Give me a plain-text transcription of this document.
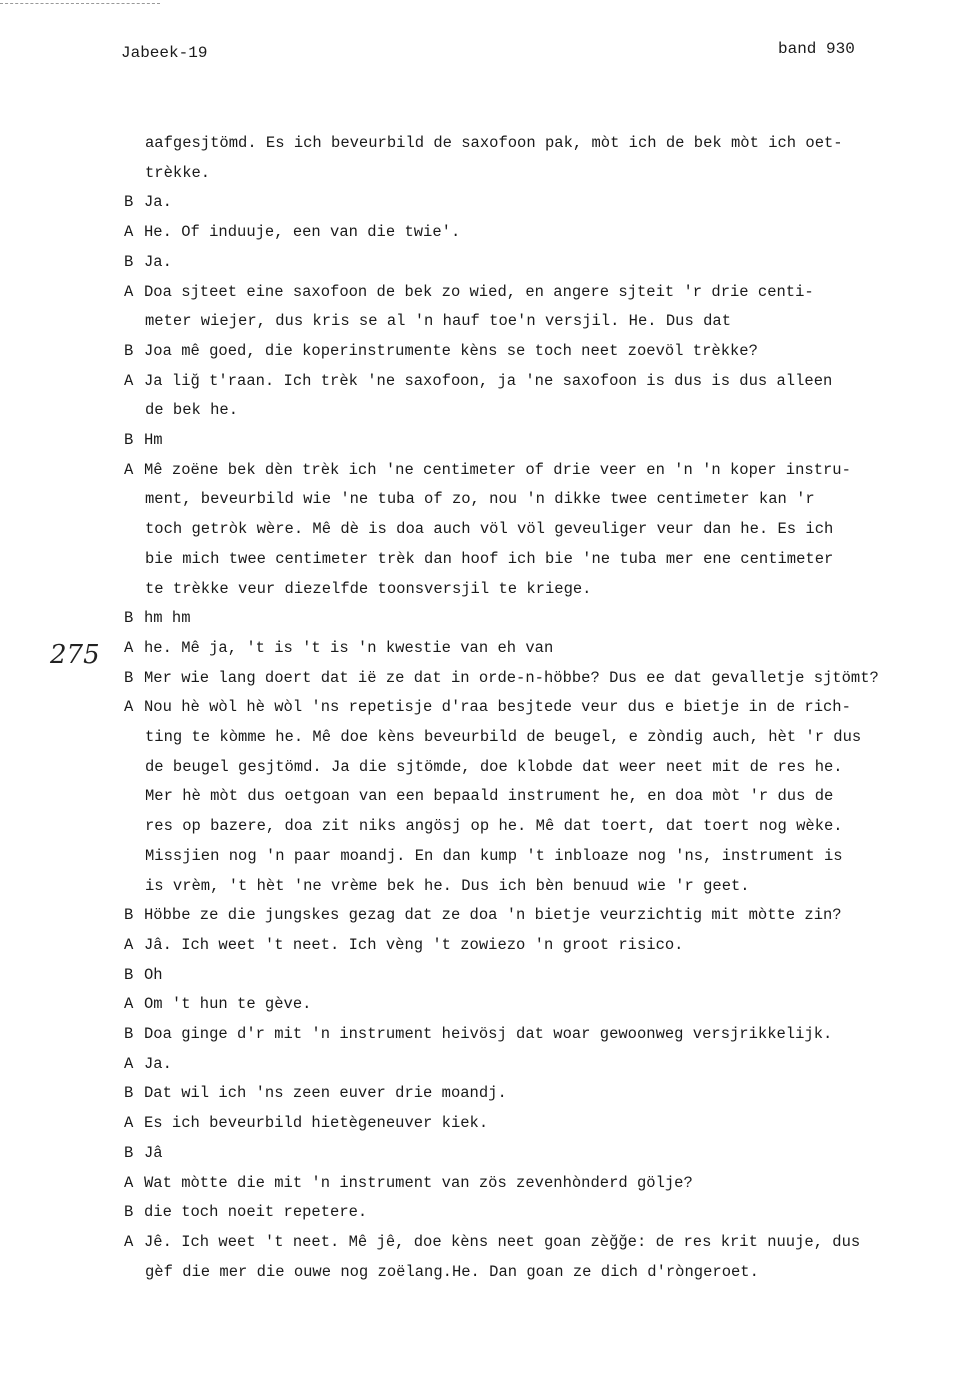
Jabeek-19	band 930
275
aafgesjtömd. Es ich beveurbild de saxofoon pak, mòt ich de bek mòt ich oet-
trèkke.
B Ja.
A He. Of induuje, een van die twie'.
B Ja.
A Doa sjteet eine saxofoon de bek zo wied, en angere sjteit 'r drie centi-
meter wiejer, dus kris se al 'n hauf toe'n versjil. He. Dus dat
B Joa mê goed, die koperinstrumente kèns se toch neet zoevöl trèkke?
A Ja liğ t'raan. Ich trèk 'ne saxofoon, ja 'ne saxofoon is dus is dus alleen
de bek he.
B Hm
A Mê zoëne bek dèn trèk ich 'ne centimeter of drie veer en 'n 'n koper instru-
ment, beveurbild wie 'ne tuba of zo, nou 'n dikke twee centimeter kan 'r
toch getròk wère. Mê dè is doa auch völ völ geveuliger veur dan he. Es ich
bie mich twee centimeter trèk dan hoof ich bie 'ne tuba mer ene centimeter
te trèkke veur diezelfde toonsversjil te kriege.
B hm hm
A he. Mê ja, 't is 't is 'n kwestie van eh van
B Mer wie lang doert dat ië ze dat in orde-n-höbbe? Dus ee dat gevalletje sjtömt?
A Nou hè wòl hè wòl 'ns repetisje d'raa besjtede veur dus e bietje in de rich-
ting te kòmme he. Mê doe kèns beveurbild de beugel, e zòndig auch, hèt 'r dus
de beugel gesjtömd. Ja die sjtömde, doe klobde dat weer neet mit de res he.
Mer hè mòt dus oetgoan van een bepaald instrument he, en doa mòt 'r dus de
res op bazere, doa zit niks angösj op he. Mê dat toert, dat toert nog wèke.
Missjien nog 'n paar moandj. En dan kump 't inbloaze nog 'ns, instrument is
is vrèm, 't hèt 'ne vrème bek he. Dus ich bèn benuud wie 'r geet.
B Höbbe ze die jungskes gezag dat ze doa 'n bietje veurzichtig mit mòtte zin?
A Jâ. Ich weet 't neet. Ich vèng 't zowiezo 'n groot risico.
B Oh
A Om 't hun te gève.
B Doa ginge d'r mit 'n instrument heivösj dat woar gewoonweg versjrikkelijk.
A Ja.
B Dat wil ich 'ns zeen euver drie moandj.
A Es ich beveurbild hietègeneuver kiek.
B Jâ
A Wat mòtte die mit 'n instrument van zös zevenhònderd gölje?
B die toch noeit repetere.
A Jê. Ich weet 't neet. Mê jê, doe kèns neet goan zèğğe: de res krit nuuje, dus
gèf die mer die ouwe nog zoëlang.He. Dan goan ze dich d'ròngeroet.
